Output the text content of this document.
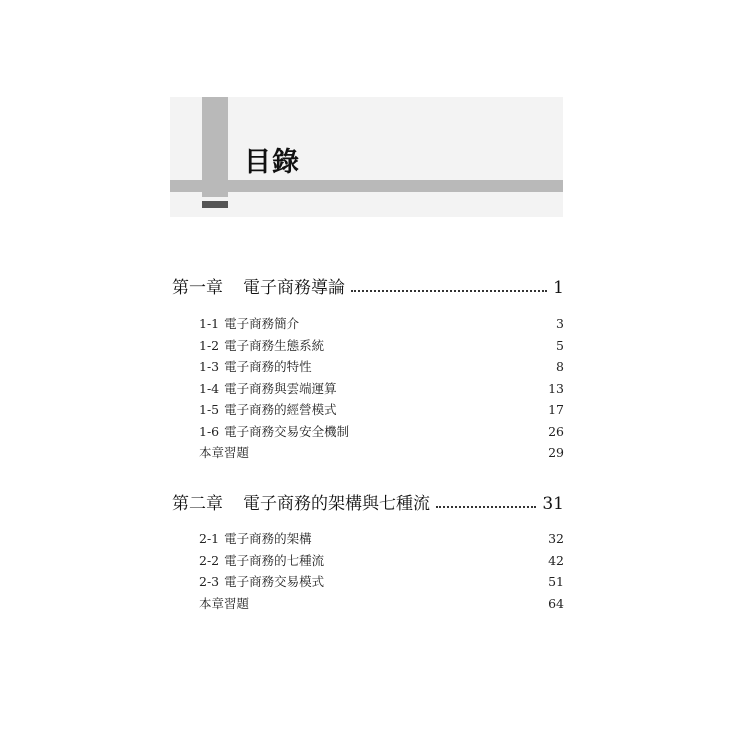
目錄
第一章 電子商務導論	1
1-1 電子商務簡介	3
1-2 電子商務生態系統	5
1-3 電子商務的特性	8
1-4 電子商務與雲端運算	13
1-5 電子商務的經營模式	17
1-6 電子商務交易安全機制	26
本章習題	29
第二章 電子商務的架構與七種流	31
2-1 電子商務的架構	32
2-2 電子商務的七種流	42
2-3 電子商務交易模式	51
本章習題	64
